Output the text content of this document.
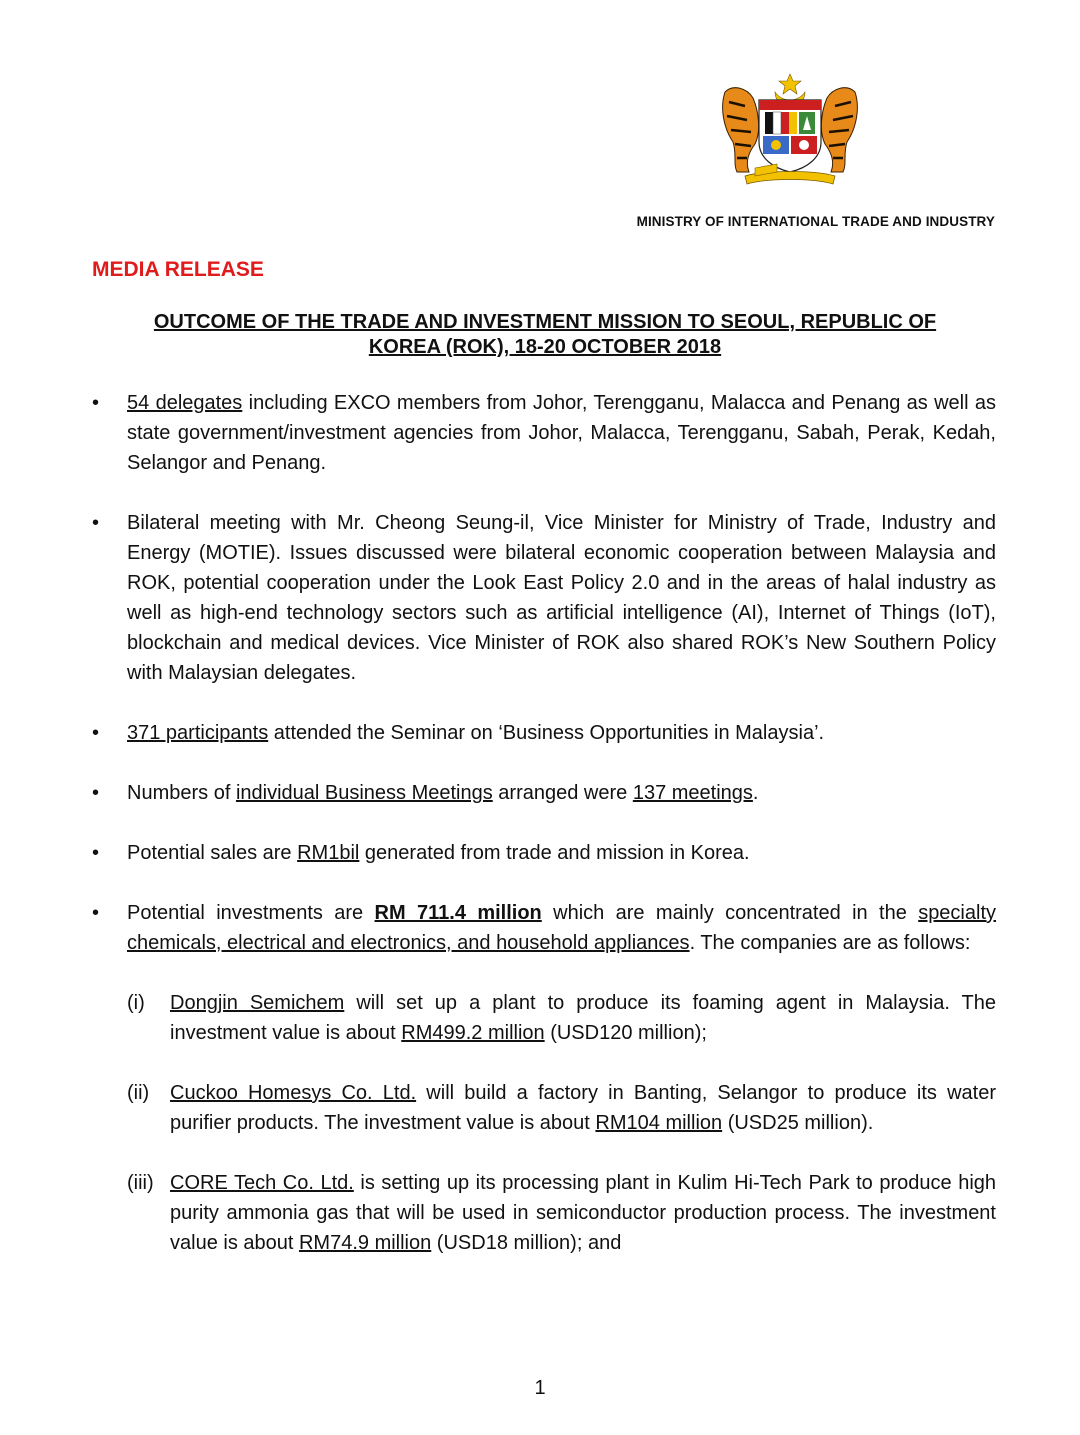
MINISTRY OF INTERNATIONAL TRADE AND INDUSTRY
MEDIA RELEASE
OUTCOME OF THE TRADE AND INVESTMENT MISSION TO SEOUL, REPUBLIC OF
KOREA (ROK), 18-20 OCTOBER 2018
• 54 delegates including EXCO members from Johor, Terengganu, Malacca and Penang as well as state government/investment agencies from Johor, Malacca, Terengganu, Sabah, Perak, Kedah, Selangor and Penang.
• Bilateral meeting with Mr. Cheong Seung-il, Vice Minister for Ministry of Trade, Industry and Energy (MOTIE). Issues discussed were bilateral economic cooperation between Malaysia and ROK, potential cooperation under the Look East Policy 2.0 and in the areas of halal industry as well as high-end technology sectors such as artificial intelligence (AI), Internet of Things (IoT), blockchain and medical devices. Vice Minister of ROK also shared ROK’s New Southern Policy with Malaysian delegates.
• 371 participants attended the Seminar on ‘Business Opportunities in Malaysia’.
• Numbers of individual Business Meetings arranged were 137 meetings.
• Potential sales are RM1bil generated from trade and mission in Korea.
• Potential investments are RM 711.4 million which are mainly concentrated in the specialty chemicals, electrical and electronics, and household appliances. The companies are as follows:
(i) Dongjin Semichem will set up a plant to produce its foaming agent in Malaysia. The investment value is about RM499.2 million (USD120 million);
(ii) Cuckoo Homesys Co. Ltd. will build a factory in Banting, Selangor to produce its water purifier products. The investment value is about RM104 million (USD25 million).
(iii) CORE Tech Co. Ltd. is setting up its processing plant in Kulim Hi-Tech Park to produce high purity ammonia gas that will be used in semiconductor production process. The investment value is about RM74.9 million (USD18 million); and
1
